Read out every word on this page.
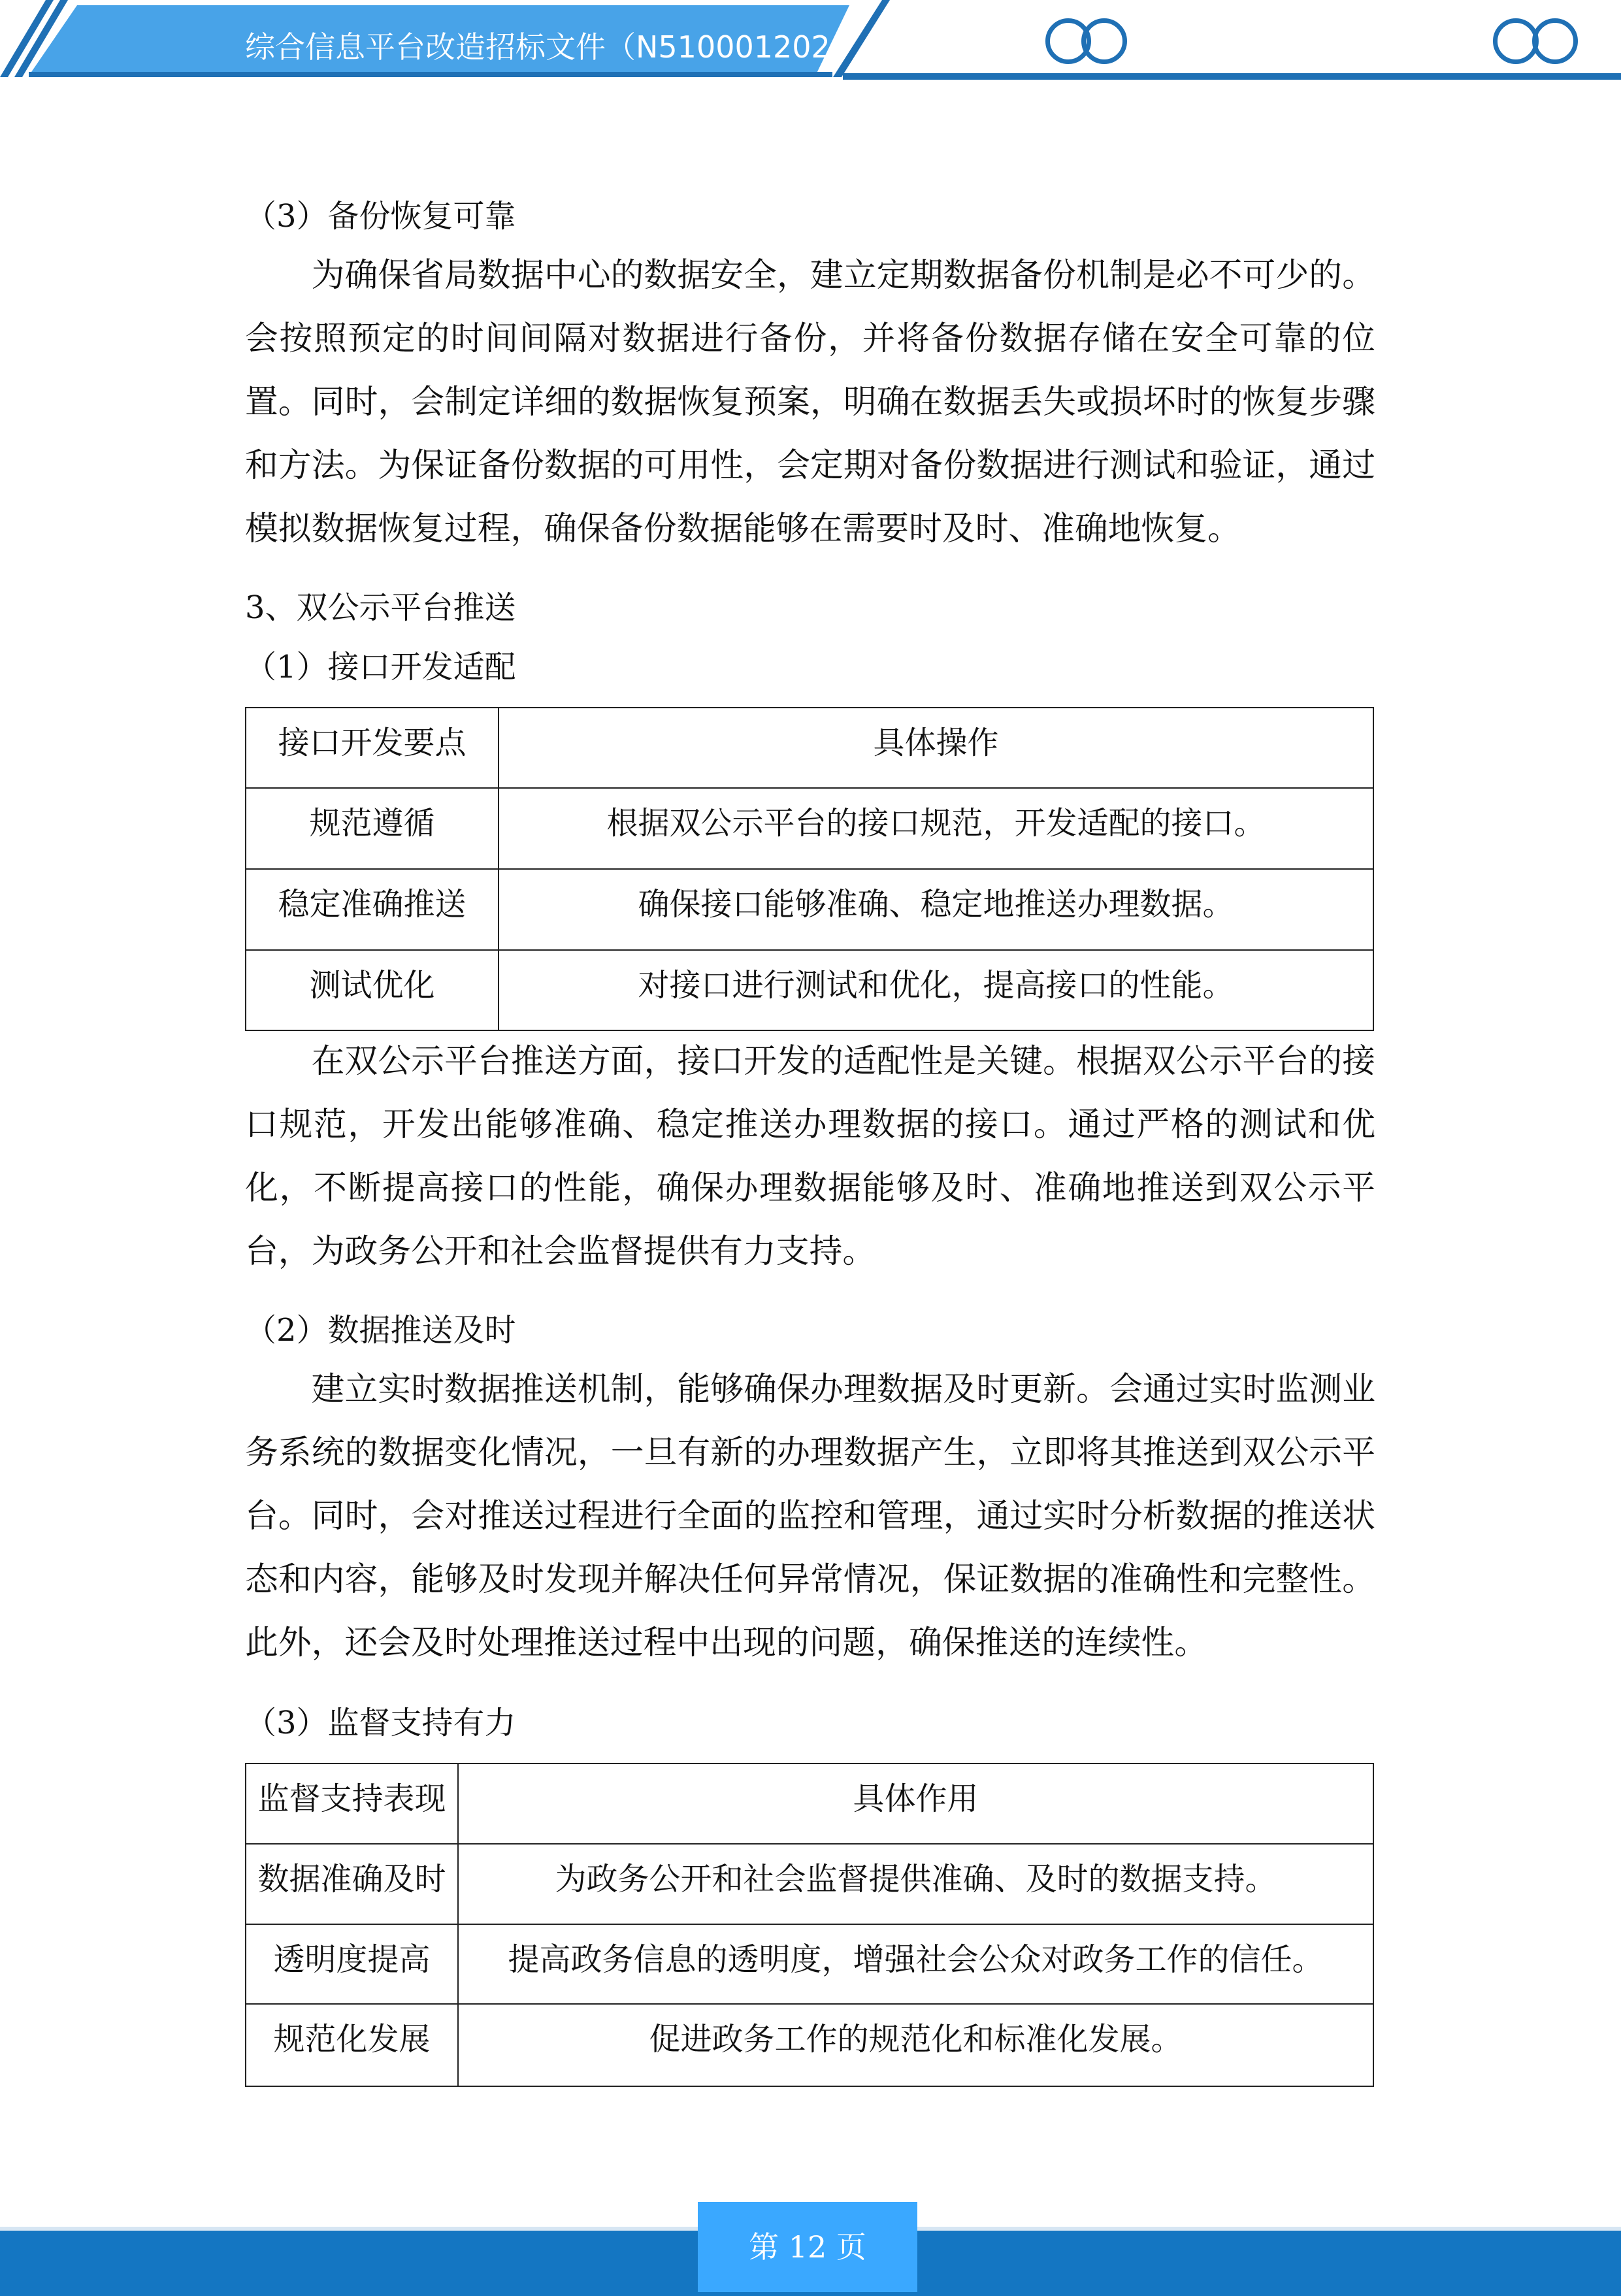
综合信息平台改造招标文件（N510001202
（3）备份恢复可靠
为确保省局数据中心的数据安全，建立定期数据备份机制是必不可少的。会按照预定的时间间隔对数据进行备份，并将备份数据存储在安全可靠的位置。同时，会制定详细的数据恢复预案，明确在数据丢失或损坏时的恢复步骤和方法。为保证备份数据的可用性，会定期对备份数据进行测试和验证，通过模拟数据恢复过程，确保备份数据能够在需要时及时、准确地恢复。
3、双公示平台推送
（1）接口开发适配
接口开发要点	具体操作
规范遵循	根据双公示平台的接口规范，开发适配的接口。
稳定准确推送	确保接口能够准确、稳定地推送办理数据。
测试优化	对接口进行测试和优化，提高接口的性能。
在双公示平台推送方面，接口开发的适配性是关键。根据双公示平台的接口规范，开发出能够准确、稳定推送办理数据的接口。通过严格的测试和优化，不断提高接口的性能，确保办理数据能够及时、准确地推送到双公示平台，为政务公开和社会监督提供有力支持。
（2）数据推送及时
建立实时数据推送机制，能够确保办理数据及时更新。会通过实时监测业务系统的数据变化情况，一旦有新的办理数据产生，立即将其推送到双公示平台。同时，会对推送过程进行全面的监控和管理，通过实时分析数据的推送状态和内容，能够及时发现并解决任何异常情况，保证数据的准确性和完整性。此外，还会及时处理推送过程中出现的问题，确保推送的连续性。
（3）监督支持有力
监督支持表现	具体作用
数据准确及时	为政务公开和社会监督提供准确、及时的数据支持。
透明度提高	提高政务信息的透明度，增强社会公众对政务工作的信任。
规范化发展	促进政务工作的规范化和标准化发展。
第 12 页
